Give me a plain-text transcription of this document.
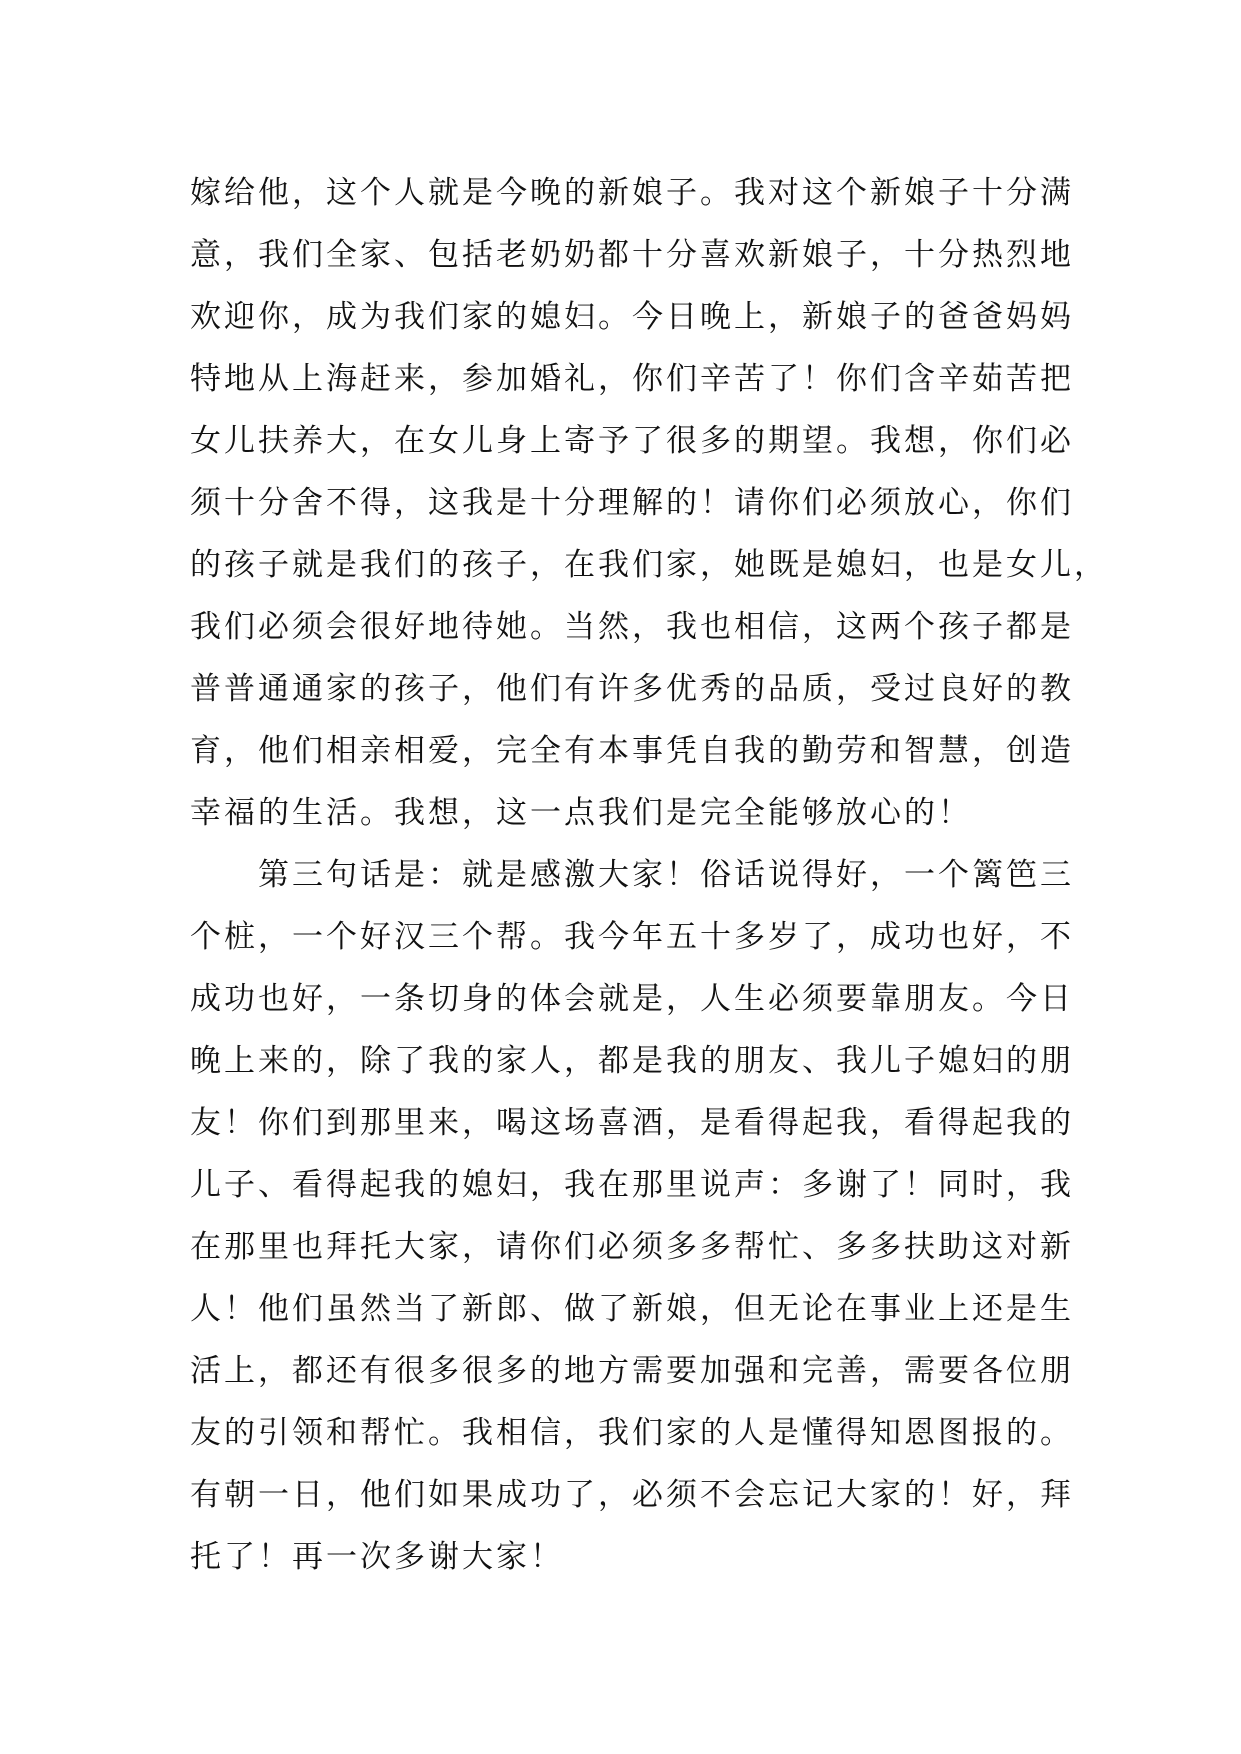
嫁给他，这个人就是今晚的新娘子。我对这个新娘子十分满
意，我们全家、包括老奶奶都十分喜欢新娘子，十分热烈地
欢迎你，成为我们家的媳妇。今日晚上，新娘子的爸爸妈妈
特地从上海赶来，参加婚礼，你们辛苦了！你们含辛茹苦把
女儿扶养大，在女儿身上寄予了很多的期望。我想，你们必
须十分舍不得，这我是十分理解的！请你们必须放心，你们
的孩子就是我们的孩子，在我们家，她既是媳妇，也是女儿，
我们必须会很好地待她。当然，我也相信，这两个孩子都是
普普通通家的孩子，他们有许多优秀的品质，受过良好的教
育，他们相亲相爱，完全有本事凭自我的勤劳和智慧，创造
幸福的生活。我想，这一点我们是完全能够放心的！
第三句话是：就是感激大家！俗话说得好，一个篱笆三
个桩，一个好汉三个帮。我今年五十多岁了，成功也好，不
成功也好，一条切身的体会就是，人生必须要靠朋友。今日
晚上来的，除了我的家人，都是我的朋友、我儿子媳妇的朋
友！你们到那里来，喝这场喜酒，是看得起我，看得起我的
儿子、看得起我的媳妇，我在那里说声：多谢了！同时，我
在那里也拜托大家，请你们必须多多帮忙、多多扶助这对新
人！他们虽然当了新郎、做了新娘，但无论在事业上还是生
活上，都还有很多很多的地方需要加强和完善，需要各位朋
友的引领和帮忙。我相信，我们家的人是懂得知恩图报的。
有朝一日，他们如果成功了，必须不会忘记大家的！好，拜
托了！再一次多谢大家！
